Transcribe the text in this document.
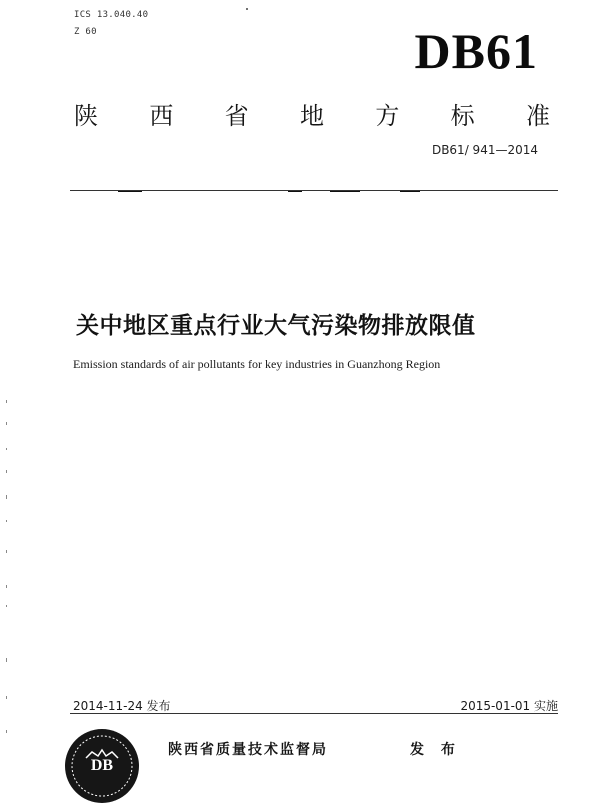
ICS 13.040.40
Z 60	DB61
陕 西 省 地 方 标 准
DB61/ 941—2014
关中地区重点行业大气污染物排放限值
Emission standards of air pollutants for key industries in Guanzhong Region
2014-11-24 发布	2015-01-01 实施
DB
陕西省质量技术监督局	发 布
